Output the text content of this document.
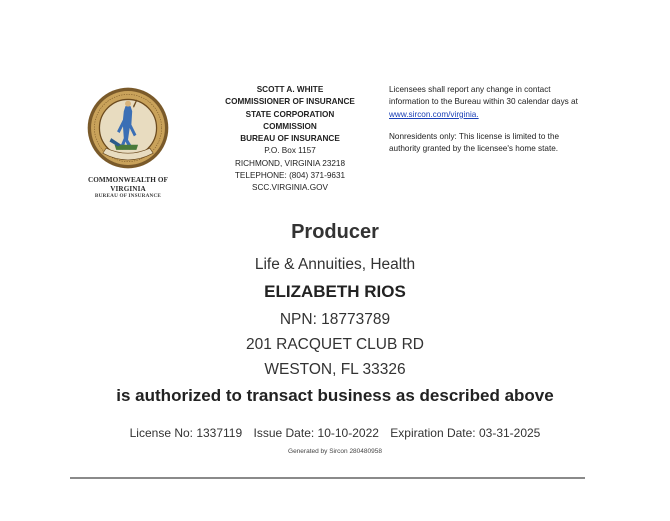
COMMONWEALTH OF
VIRGINIA
BUREAU OF INSURANCE
SCOTT A. WHITE
COMMISSIONER OF INSURANCE
STATE CORPORATION
COMMISSION
BUREAU OF INSURANCE
P.O. Box 1157
RICHMOND, VIRGINIA 23218
TELEPHONE: (804) 371-9631
SCC.VIRGINIA.GOV
Licensees shall report any change in contact
information to the Bureau within 30 calendar days at
www.sircon.com/virginia.
Nonresidents only: This license is limited to the
authority granted by the licensee's home state.
Producer
Life & Annuities, Health
ELIZABETH RIOS
NPN: 18773789
201 RACQUET CLUB RD
WESTON, FL 33326
is authorized to transact business as described above
License No: 1337119 Issue Date: 10-10-2022 Expiration Date: 03-31-2025
Generated by Sircon 280480958
